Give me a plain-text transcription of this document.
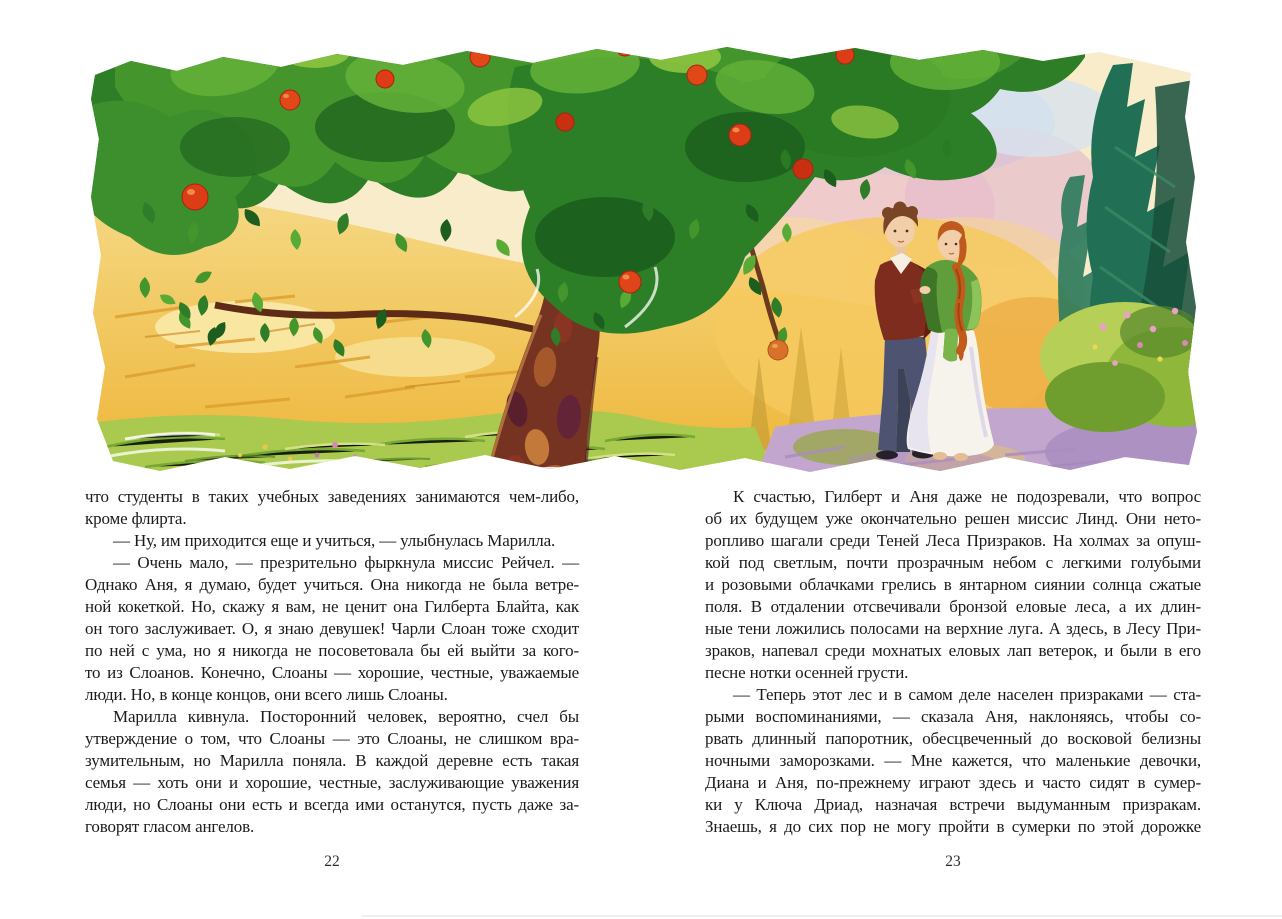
что студенты в таких учебных заведениях занимаются чем-либо,
кроме флирта.
— Ну, им приходится еще и учиться, — улыбнулась Марилла.
— Очень мало, — презрительно фыркнула миссис Рейчел. —
Однако Аня, я думаю, будет учиться. Она никогда не была ветре-
ной кокеткой. Но, скажу я вам, не ценит она Гилберта Блайта, как
он того заслуживает. О, я знаю девушек! Чарли Слоан тоже сходит
по ней с ума, но я никогда не посоветовала бы ей выйти за кого-
то из Слоанов. Конечно, Слоаны — хорошие, честные, уважаемые
люди. Но, в конце концов, они всего лишь Слоаны.
Марилла кивнула. Посторонний человек, вероятно, счел бы
утверждение о том, что Слоаны — это Слоаны, не слишком вра-
зумительным, но Марилла поняла. В каждой деревне есть такая
семья — хоть они и хорошие, честные, заслуживающие уважения
люди, но Слоаны они есть и всегда ими останутся, пусть даже за-
говорят гласом ангелов.
К счастью, Гилберт и Аня даже не подозревали, что вопрос
об их будущем уже окончательно решен миссис Линд. Они нето-
ропливо шагали среди Теней Леса Призраков. На холмах за опуш-
кой под светлым, почти прозрачным небом с легкими голубыми
и розовыми облачками грелись в янтарном сиянии солнца сжатые
поля. В отдалении отсвечивали бронзой еловые леса, а их длин-
ные тени ложились полосами на верхние луга. А здесь, в Лесу При-
зраков, напевал среди мохнатых еловых лап ветерок, и были в его
песне нотки осенней грусти.
— Теперь этот лес и в самом деле населен призраками — ста-
рыми воспоминаниями, — сказала Аня, наклоняясь, чтобы со-
рвать длинный папоротник, обесцвеченный до восковой белизны
ночными заморозками. — Мне кажется, что маленькие девочки,
Диана и Аня, по-прежнему играют здесь и часто сидят в сумер-
ки у Ключа Дриад, назначая встречи выдуманным призракам.
Знаешь, я до сих пор не могу пройти в сумерки по этой дорожке
22	23
